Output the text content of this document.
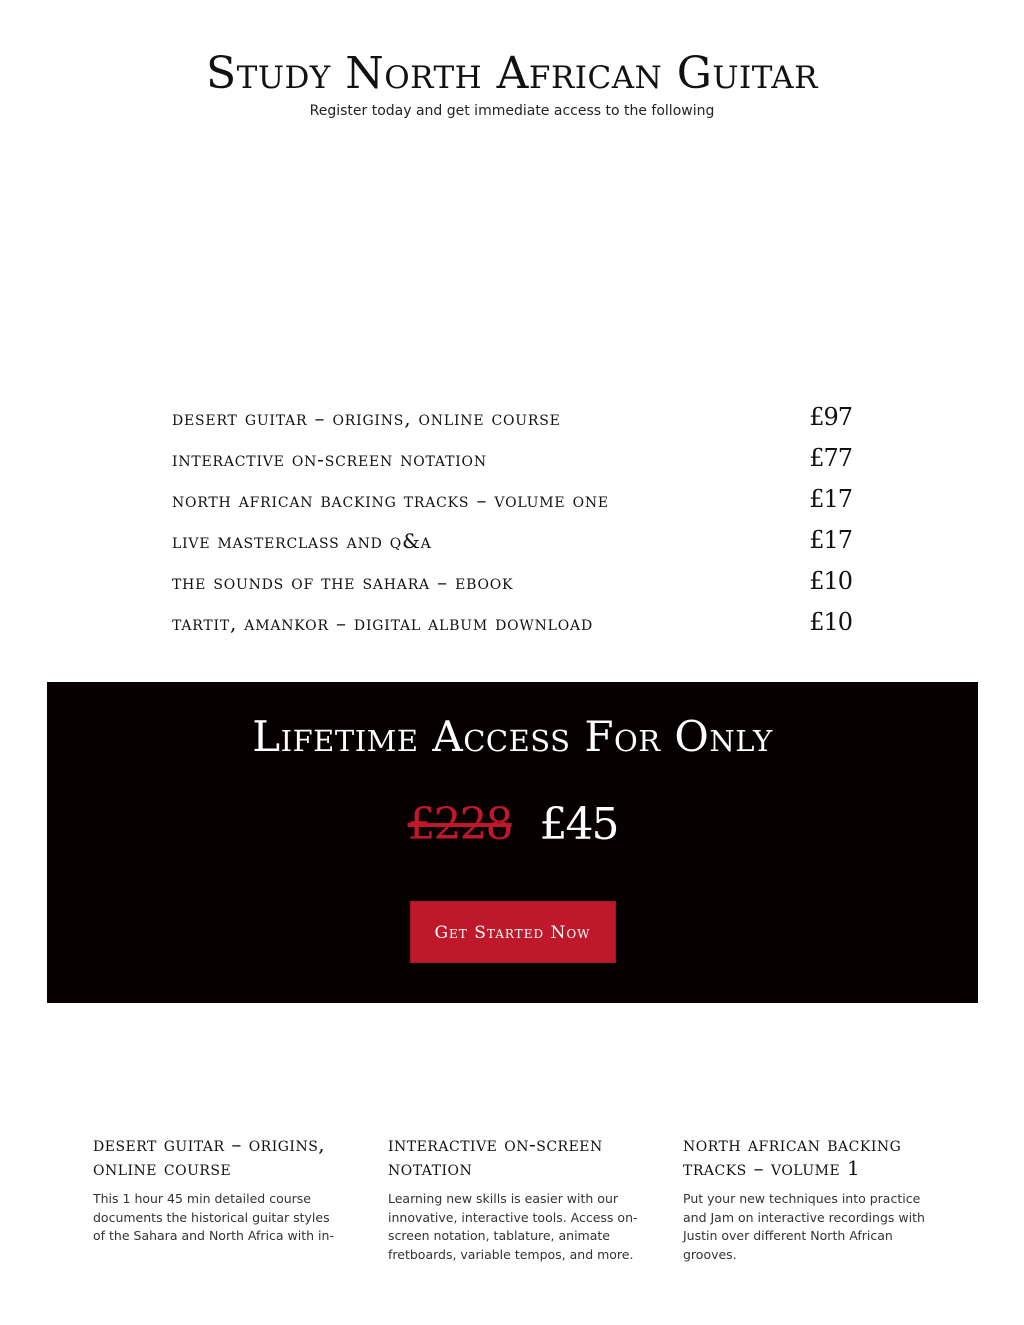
Study North African Guitar
Register today and get immediate access to the following
desert guitar – origins, online course	£97
interactive on-screen notation	£77
north african backing tracks – volume one	£17
live masterclass and q&a	£17
the sounds of the sahara – ebook	£10
tartit, amankor – digital album download	£10
Lifetime Access For Only
£228 £45
Get Started Now
desert guitar – origins, online course

This 1 hour 45 min detailed course documents the historical guitar styles of the Sahara and North Africa with in-

interactive on-screen notation

Learning new skills is easier with our innovative, interactive tools. Access on-screen notation, tablature, animate fretboards, variable tempos, and more.

north african backing tracks – volume 1

Put your new techniques into practice and Jam on interactive recordings with Justin over different North African grooves.
